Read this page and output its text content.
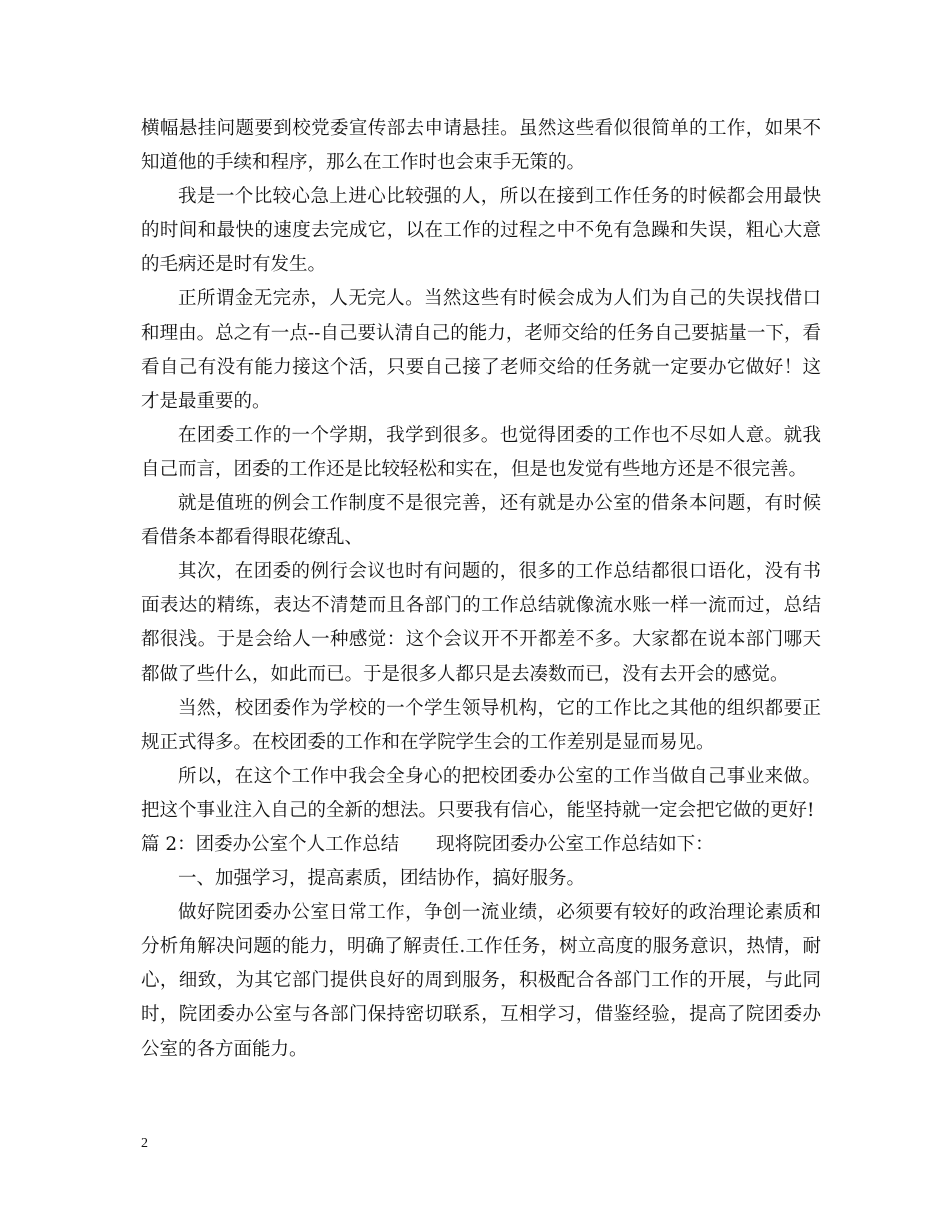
横幅悬挂问题要到校党委宣传部去申请悬挂。虽然这些看似很简单的工作，如果不知道他的手续和程序，那么在工作时也会束手无策的。

我是一个比较心急上进心比较强的人，所以在接到工作任务的时候都会用最快的时间和最快的速度去完成它，以在工作的过程之中不免有急躁和失误，粗心大意的毛病还是时有发生。

正所谓金无完赤，人无完人。当然这些有时候会成为人们为自己的失误找借口和理由。总之有一点--自己要认清自己的能力，老师交给的任务自己要掂量一下，看看自己有没有能力接这个活，只要自己接了老师交给的任务就一定要办它做好！这才是最重要的。

在团委工作的一个学期，我学到很多。也觉得团委的工作也不尽如人意。就我自己而言，团委的工作还是比较轻松和实在，但是也发觉有些地方还是不很完善。

就是值班的例会工作制度不是很完善，还有就是办公室的借条本问题，有时候看借条本都看得眼花缭乱、

其次，在团委的例行会议也时有问题的，很多的工作总结都很口语化，没有书面表达的精练，表达不清楚而且各部门的工作总结就像流水账一样一流而过，总结都很浅。于是会给人一种感觉：这个会议开不开都差不多。大家都在说本部门哪天都做了些什么，如此而已。于是很多人都只是去凑数而已，没有去开会的感觉。

当然，校团委作为学校的一个学生领导机构，它的工作比之其他的组织都要正规正式得多。在校团委的工作和在学院学生会的工作差别是显而易见。

所以，在这个工作中我会全身心的把校团委办公室的工作当做自己事业来做。把这个事业注入自己的全新的想法。只要我有信心，能坚持就一定会把它做的更好!

篇 2：团委办公室个人工作总结　　现将院团委办公室工作总结如下：

一、加强学习，提高素质，团结协作，搞好服务。

做好院团委办公室日常工作，争创一流业绩，必须要有较好的政治理论素质和分析角解决问题的能力，明确了解责任.工作任务，树立高度的服务意识，热情，耐心，细致，为其它部门提供良好的周到服务，积极配合各部门工作的开展，与此同时，院团委办公室与各部门保持密切联系，互相学习，借鉴经验，提高了院团委办公室的各方面能力。

2
